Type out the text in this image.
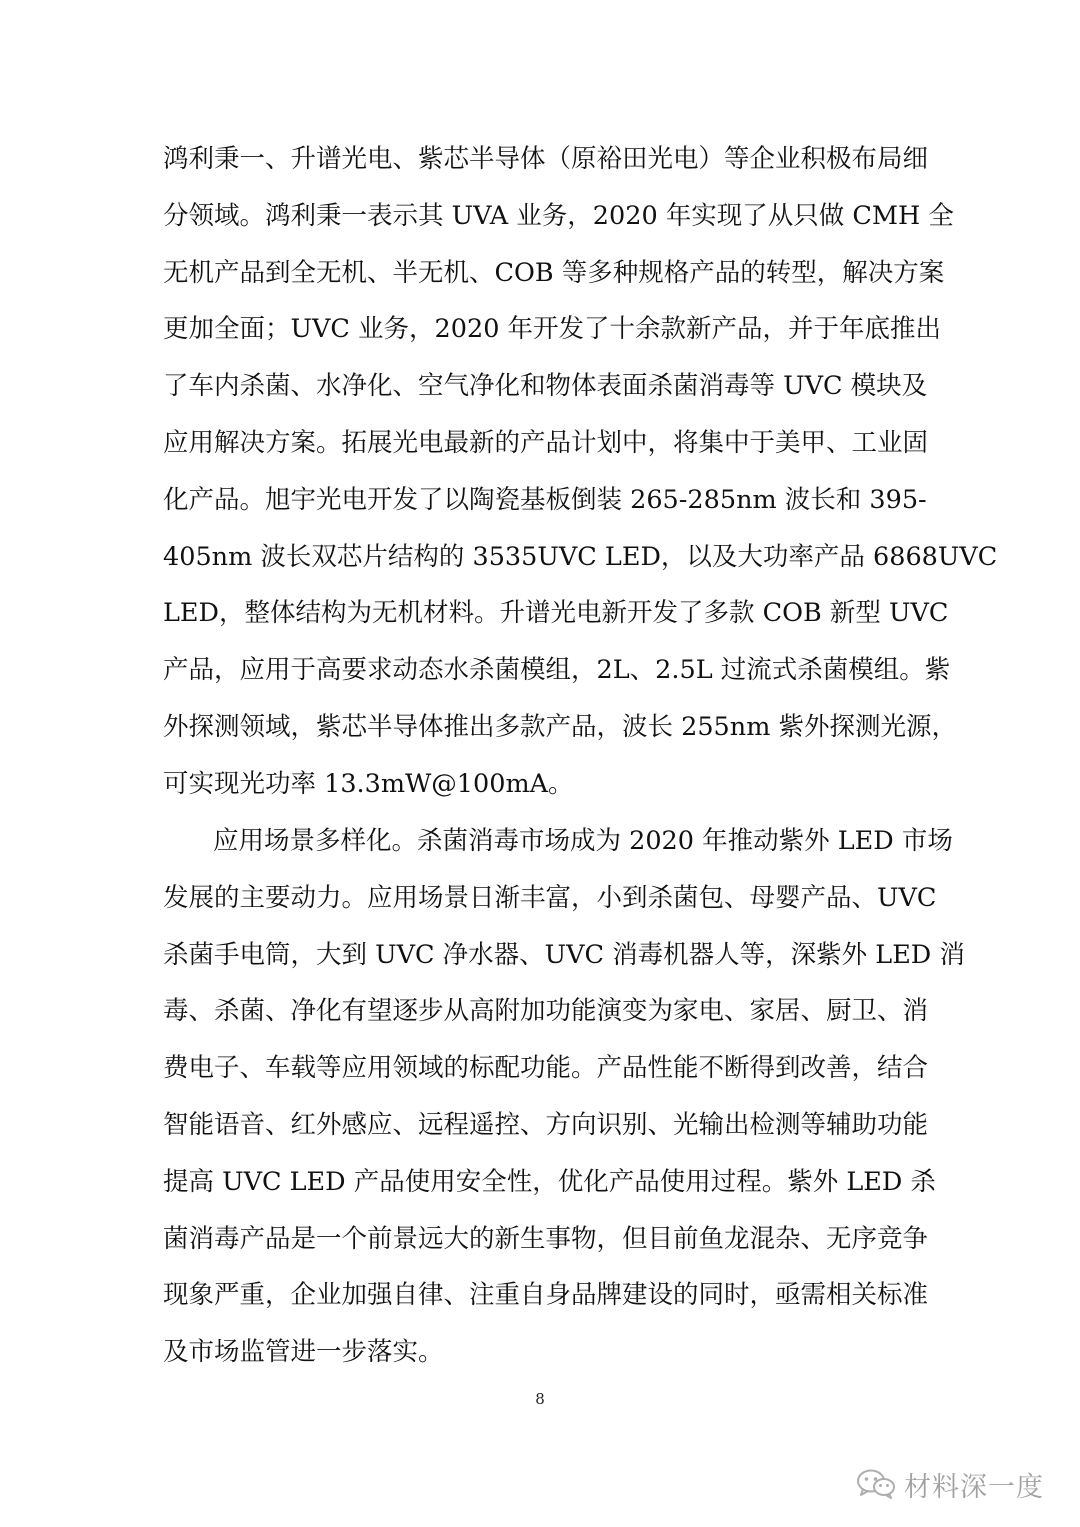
鸿利秉一、升谱光电、紫芯半导体（原裕田光电）等企业积极布局细
分领域。鸿利秉一表示其 UVA 业务，2020 年实现了从只做 CMH 全
无机产品到全无机、半无机、COB 等多种规格产品的转型，解决方案
更加全面；UVC 业务，2020 年开发了十余款新产品，并于年底推出
了车内杀菌、水净化、空气净化和物体表面杀菌消毒等 UVC 模块及
应用解决方案。拓展光电最新的产品计划中，将集中于美甲、工业固
化产品。旭宇光电开发了以陶瓷基板倒装 265-285nm 波长和 395-
405nm 波长双芯片结构的 3535UVC LED，以及大功率产品 6868UVC
LED，整体结构为无机材料。升谱光电新开发了多款 COB 新型 UVC
产品，应用于高要求动态水杀菌模组，2L、2.5L 过流式杀菌模组。紫
外探测领域，紫芯半导体推出多款产品，波长 255nm 紫外探测光源，
可实现光功率 13.3mW@100mA。
应用场景多样化。杀菌消毒市场成为 2020 年推动紫外 LED 市场
发展的主要动力。应用场景日渐丰富，小到杀菌包、母婴产品、UVC
杀菌手电筒，大到 UVC 净水器、UVC 消毒机器人等，深紫外 LED 消
毒、杀菌、净化有望逐步从高附加功能演变为家电、家居、厨卫、消
费电子、车载等应用领域的标配功能。产品性能不断得到改善，结合
智能语音、红外感应、远程遥控、方向识别、光输出检测等辅助功能
提高 UVC LED 产品使用安全性，优化产品使用过程。紫外 LED 杀
菌消毒产品是一个前景远大的新生事物，但目前鱼龙混杂、无序竞争
现象严重，企业加强自律、注重自身品牌建设的同时，亟需相关标准
及市场监管进一步落实。
8
材料深一度
